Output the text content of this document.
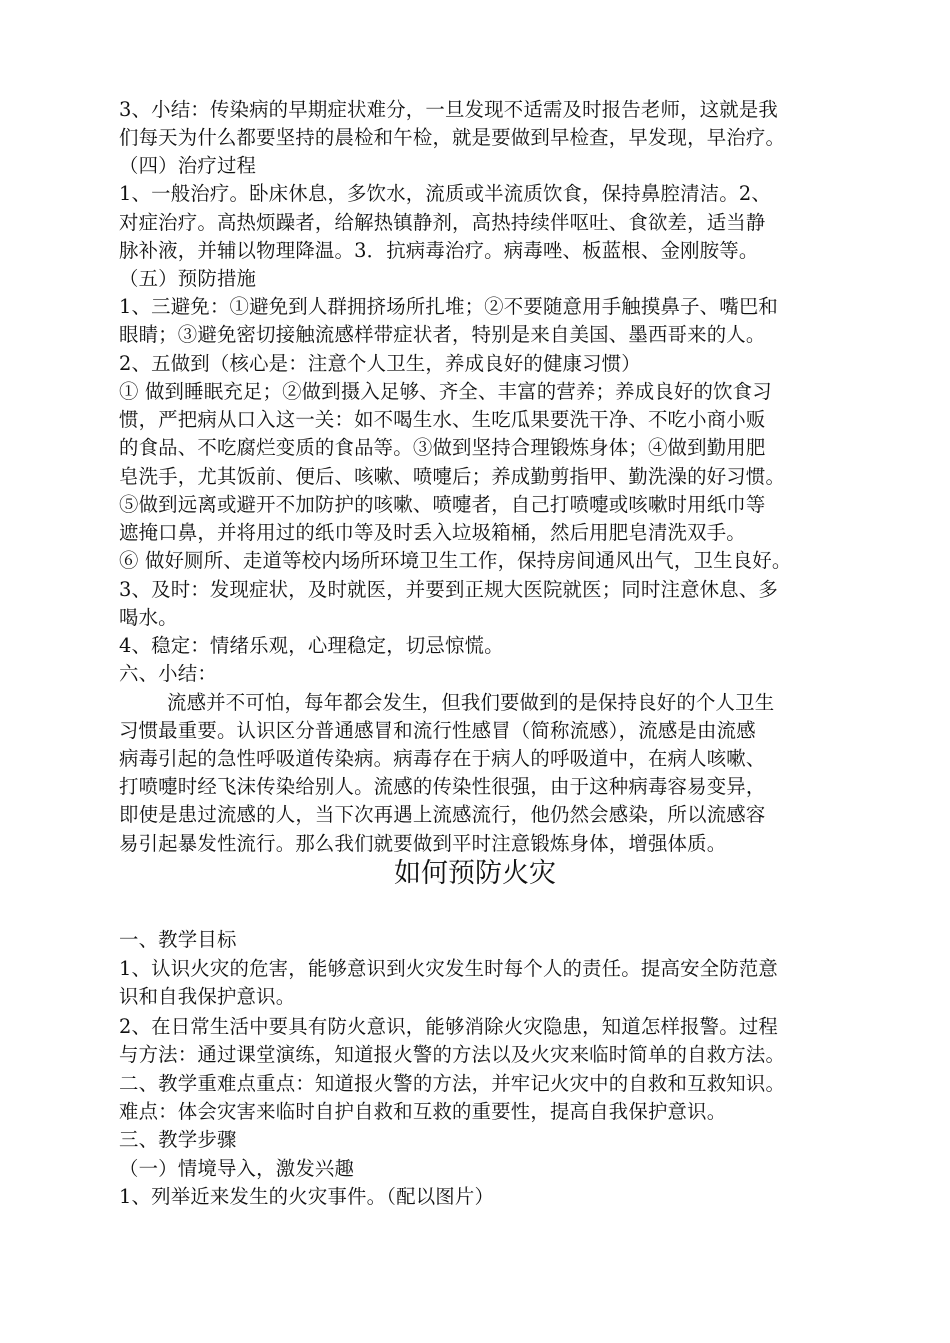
3、小结：传染病的早期症状难分，一旦发现不适需及时报告老师，这就是我
们每天为什么都要坚持的晨检和午检，就是要做到早检查，早发现，早治疗。
（四）治疗过程
1、一般治疗。卧床休息，多饮水，流质或半流质饮食，保持鼻腔清洁。2、
对症治疗。高热烦躁者，给解热镇静剂，高热持续伴呕吐、食欲差，适当静
脉补液，并辅以物理降温。3．抗病毒治疗。病毒唑、板蓝根、金刚胺等。
（五）预防措施
1、三避免：①避免到人群拥挤场所扎堆；②不要随意用手触摸鼻子、嘴巴和
眼睛；③避免密切接触流感样带症状者，特别是来自美国、墨西哥来的人。
2、五做到（核心是：注意个人卫生，养成良好的健康习惯）
① 做到睡眠充足；②做到摄入足够、齐全、丰富的营养；养成良好的饮食习
惯，严把病从口入这一关：如不喝生水、生吃瓜果要洗干净、不吃小商小贩
的食品、不吃腐烂变质的食品等。③做到坚持合理锻炼身体；④做到勤用肥
皂洗手，尤其饭前、便后、咳嗽、喷嚏后；养成勤剪指甲、勤洗澡的好习惯。
⑤做到远离或避开不加防护的咳嗽、喷嚏者，自己打喷嚏或咳嗽时用纸巾等
遮掩口鼻，并将用过的纸巾等及时丢入垃圾箱桶，然后用肥皂清洗双手。
⑥ 做好厕所、走道等校内场所环境卫生工作，保持房间通风出气，卫生良好。
3、及时：发现症状，及时就医，并要到正规大医院就医；同时注意休息、多
喝水。
4、稳定：情绪乐观，心理稳定，切忌惊慌。
六、小结：
流感并不可怕，每年都会发生，但我们要做到的是保持良好的个人卫生
习惯最重要。认识区分普通感冒和流行性感冒（简称流感），流感是由流感
病毒引起的急性呼吸道传染病。病毒存在于病人的呼吸道中，在病人咳嗽、
打喷嚏时经飞沫传染给别人。流感的传染性很强，由于这种病毒容易变异，
即使是患过流感的人，当下次再遇上流感流行，他仍然会感染，所以流感容
易引起暴发性流行。那么我们就要做到平时注意锻炼身体，增强体质。
如何预防火灾
一、教学目标
1、认识火灾的危害，能够意识到火灾发生时每个人的责任。提高安全防范意
识和自我保护意识。
2、在日常生活中要具有防火意识，能够消除火灾隐患，知道怎样报警。过程
与方法：通过课堂演练，知道报火警的方法以及火灾来临时简单的自救方法。
二、教学重难点重点：知道报火警的方法，并牢记火灾中的自救和互救知识。
难点：体会灾害来临时自护自救和互救的重要性，提高自我保护意识。
三、教学步骤
（一）情境导入，激发兴趣
1、列举近来发生的火灾事件。（配以图片）
